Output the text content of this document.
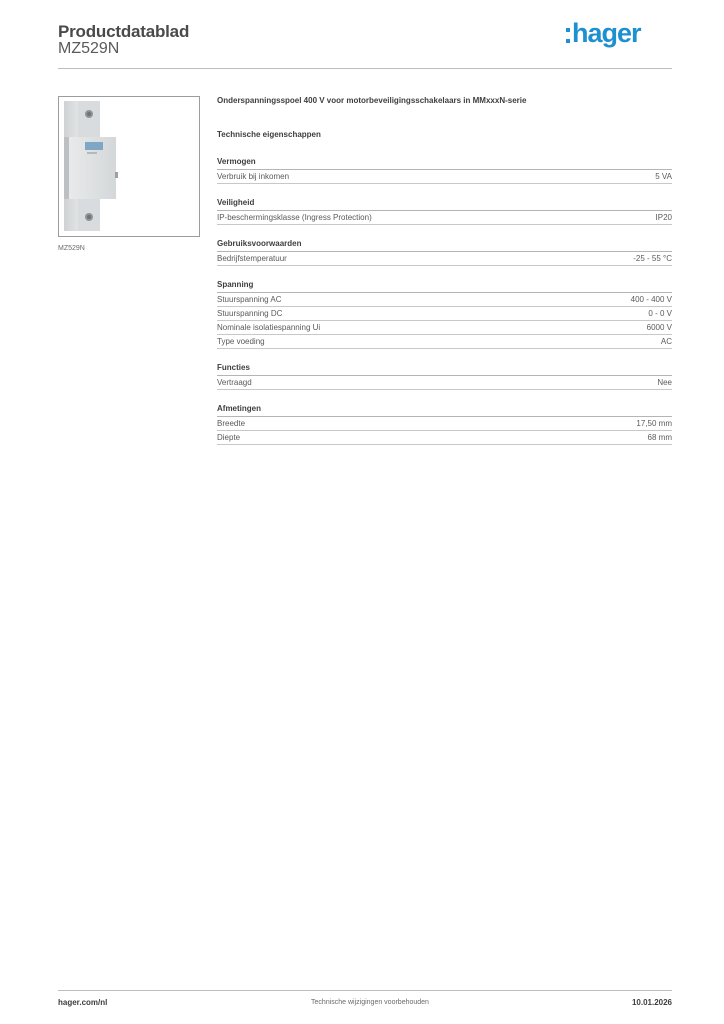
Productdatablad
MZ529N
hager
MZ529N
Onderspanningsspoel 400 V voor motorbeveiligingsschakelaars in MMxxxN-serie
Technische eigenschappen
Vermogen
Verbruik bij inkomen	5 VA
Veiligheid
IP-beschermingsklasse (Ingress Protection)	IP20
Gebruiksvoorwaarden
Bedrijfstemperatuur	-25 - 55 °C
Spanning
Stuurspanning AC	400 - 400 V
Stuurspanning DC	0 - 0 V
Nominale isolatiespanning Ui	6000 V
Type voeding	AC
Functies
Vertraagd	Nee
Afmetingen
Breedte	17,50 mm
Diepte	68 mm
hager.com/nl	Technische wijzigingen voorbehouden	10.01.2026
